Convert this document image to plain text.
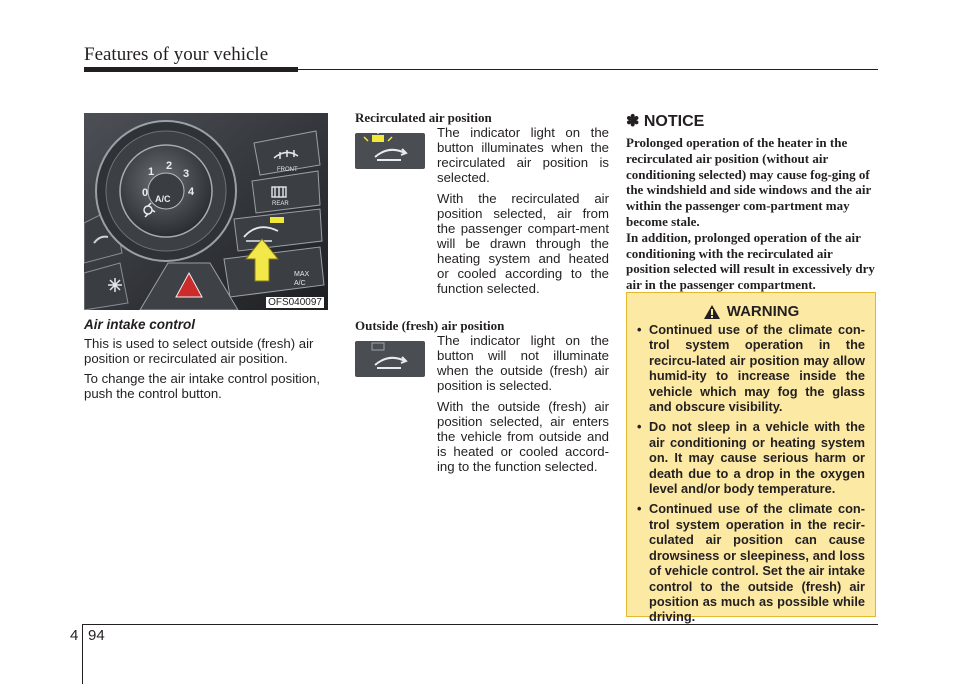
Features of your vehicle
0
1 2
3
4
A/C
FRONT
REAR
MAX
A/C
OFS040097
Air intake control

This is used to select outside (fresh) air position or recirculated air position.

To change the air intake control position, push the control button.

Recirculated air position

The indicator light on the button illuminates when the recirculated air position is selected.

With the recirculated air position selected, air from the passenger compart-ment will be drawn through the heating system and heated or cooled according to the function selected.

Outside (fresh) air position

The indicator light on the button will not illuminate when the outside (fresh) air position is selected.

With the outside (fresh) air position selected, air enters the vehicle from outside and is heated or cooled accord-ing to the function selected.

✽ NOTICE

Prolonged operation of the heater in the recirculated air position (without air conditioning selected) may cause fog-ging of the windshield and side windows and the air within the passenger com-partment may become stale.

In addition, prolonged operation of the air conditioning with the recirculated air position selected will result in excessively dry air in the passenger compartment.

WARNING
• Continued use of the climate con-trol system operation in the recircu-lated air position may allow humid-ity to increase inside the vehicle which may fog the glass and obscure visibility.
• Do not sleep in a vehicle with the air conditioning or heating system on. It may cause serious harm or death due to a drop in the oxygen level and/or body temperature.
• Continued use of the climate con-trol system operation in the recir-culated air position can cause drowsiness or sleepiness, and loss of vehicle control. Set the air intake control to the outside (fresh) air position as much as possible while driving.
4 94
